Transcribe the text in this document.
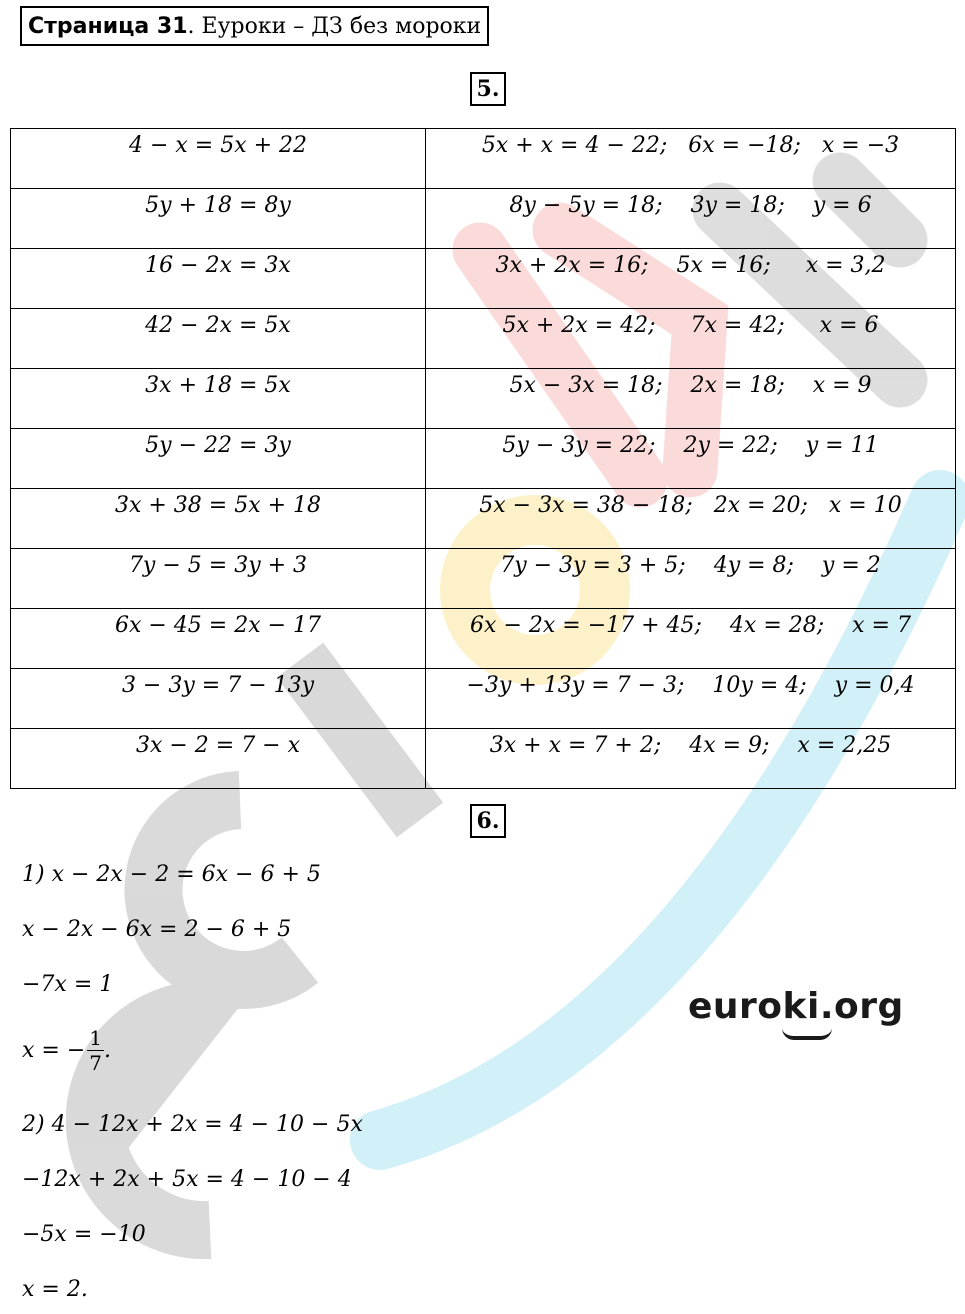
Страница 31 . Еуроки – ДЗ без мороки
5.
4 − x = 5x + 22	5x + x = 4 − 22;   6x = −18;   x = −3
5y + 18 = 8y	8y − 5y = 18;    3y = 18;    y = 6
16 − 2x = 3x	3x + 2x = 16;    5x = 16;     x = 3,2
42 − 2x = 5x	5x + 2x = 42;     7x = 42;     x = 6
3x + 18 = 5x	5x − 3x = 18;    2x = 18;    x = 9
5y − 22 = 3y	5y − 3y = 22;    2y = 22;    y = 11
3x + 38 = 5x + 18	5x − 3x = 38 − 18;   2x = 20;   x = 10
7y − 5 = 3y + 3	7y − 3y = 3 + 5;    4y = 8;    y = 2
6x − 45 = 2x − 17	6x − 2x = −17 + 45;    4x = 28;    x = 7
3 − 3y = 7 − 13y	−3y + 13y = 7 − 3;    10y = 4;    y = 0,4
3x − 2 = 7 − x	3x + x = 7 + 2;    4x = 9;    x = 2,25
6.
1) x − 2x − 2 = 6x − 6 + 5
x − 2x − 6x = 2 − 6 + 5
−7x = 1
x = − $\frac{1}{7}$ .
2) 4 − 12x + 2x = 4 − 10 − 5x
−12x + 2x + 5x = 4 − 10 − 4
−5x = −10
x = 2.
euroki.org
